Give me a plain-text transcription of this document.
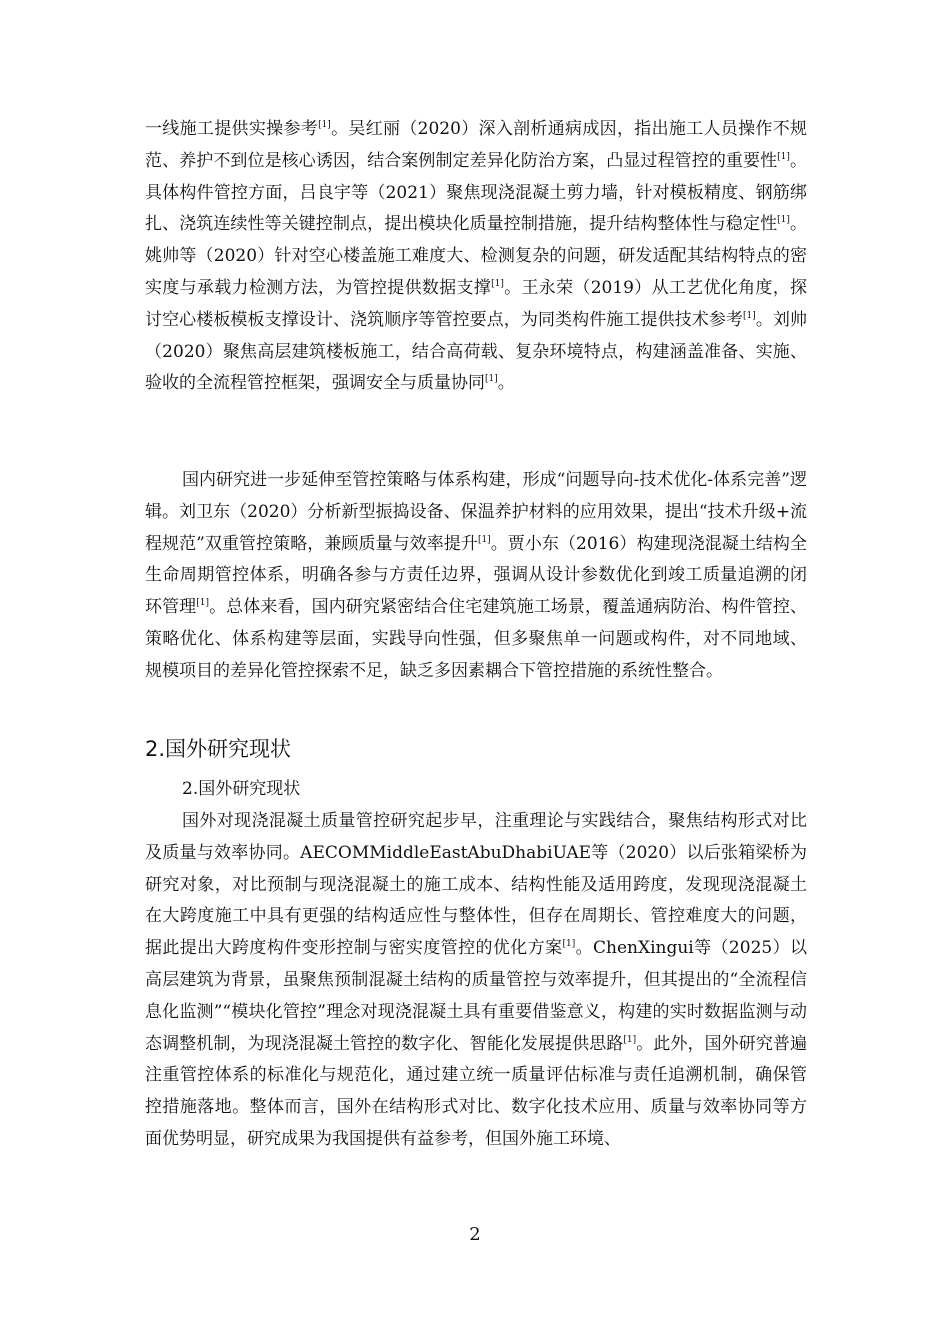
一线施工提供实操参考[1]。吴红丽（2020）深入剖析通病成因，指出施工人员操作不规范、养护不到位是核心诱因，结合案例制定差异化防治方案，凸显过程管控的重要性[1]。具体构件管控方面，吕良宇等（2021）聚焦现浇混凝土剪力墙，针对模板精度、钢筋绑扎、浇筑连续性等关键控制点，提出模块化质量控制措施，提升结构整体性与稳定性[1]。姚帅等（2020）针对空心楼盖施工难度大、检测复杂的问题，研发适配其结构特点的密实度与承载力检测方法，为管控提供数据支撑[1]。王永荣（2019）从工艺优化角度，探讨空心楼板模板支撑设计、浇筑顺序等管控要点，为同类构件施工提供技术参考[1]。刘帅（2020）聚焦高层建筑楼板施工，结合高荷载、复杂环境特点，构建涵盖准备、实施、验收的全流程管控框架，强调安全与质量协同[1]。

国内研究进一步延伸至管控策略与体系构建，形成“问题导向-技术优化-体系完善”逻辑。刘卫东（2020）分析新型振捣设备、保温养护材料的应用效果，提出“技术升级+流程规范”双重管控策略，兼顾质量与效率提升[1]。贾小东（2016）构建现浇混凝土结构全生命周期管控体系，明确各参与方责任边界，强调从设计参数优化到竣工质量追溯的闭环管理[1]。总体来看，国内研究紧密结合住宅建筑施工场景，覆盖通病防治、构件管控、策略优化、体系构建等层面，实践导向性强，但多聚焦单一问题或构件，对不同地域、规模项目的差异化管控探索不足，缺乏多因素耦合下管控措施的系统性整合。

2.国外研究现状

2.国外研究现状

国外对现浇混凝土质量管控研究起步早，注重理论与实践结合，聚焦结构形式对比及质量与效率协同。AECOMMiddleEastAbuDhabiUAE等（2020）以后张箱梁桥为研究对象，对比预制与现浇混凝土的施工成本、结构性能及适用跨度，发现现浇混凝土在大跨度施工中具有更强的结构适应性与整体性，但存在周期长、管控难度大的问题，据此提出大跨度构件变形控制与密实度管控的优化方案[1]。ChenXingui等（2025）以高层建筑为背景，虽聚焦预制混凝土结构的质量管控与效率提升，但其提出的“全流程信息化监测”“模块化管控”理念对现浇混凝土具有重要借鉴意义，构建的实时数据监测与动态调整机制，为现浇混凝土管控的数字化、智能化发展提供思路[1]。此外，国外研究普遍注重管控体系的标准化与规范化，通过建立统一质量评估标准与责任追溯机制，确保管控措施落地。整体而言，国外在结构形式对比、数字化技术应用、质量与效率协同等方面优势明显，研究成果为我国提供有益参考，但国外施工环境、

2
